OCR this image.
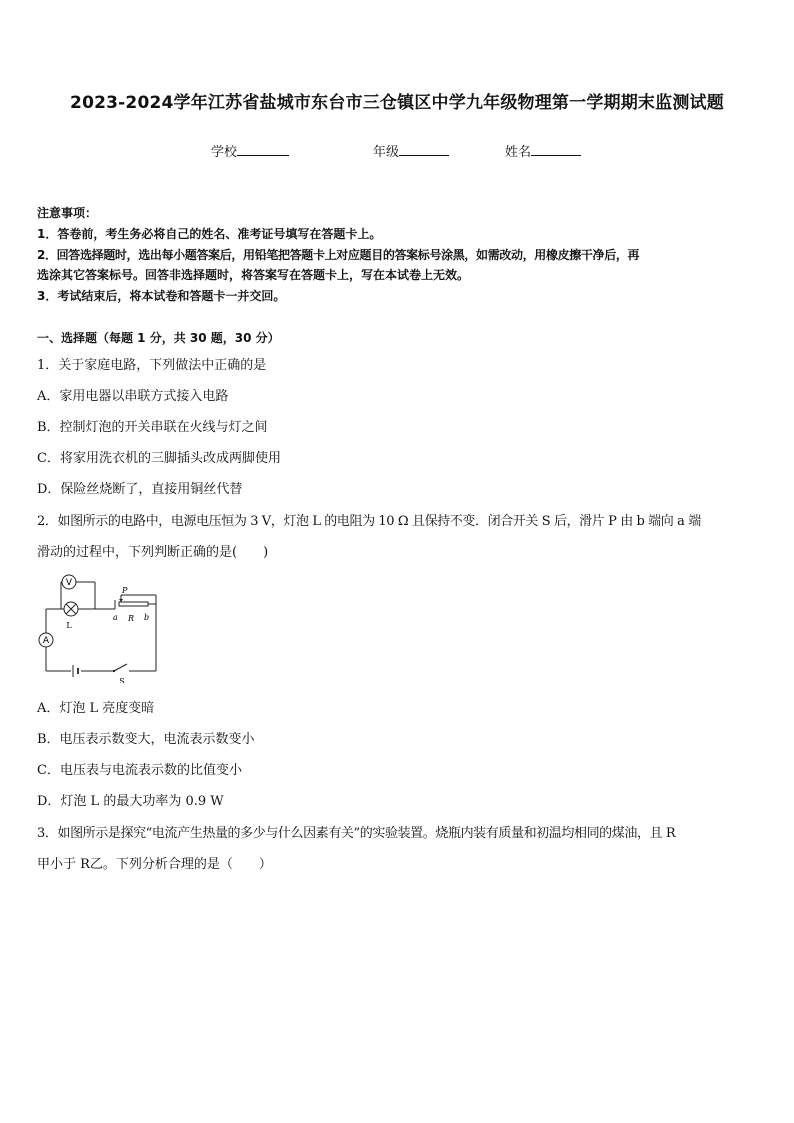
2023-2024学年江苏省盐城市东台市三仓镇区中学九年级物理第一学期期末监测试题
学校	年级	姓名
注意事项：
1．答卷前，考生务必将自己的姓名、准考证号填写在答题卡上。
2．回答选择题时，选出每小题答案后，用铅笔把答题卡上对应题目的答案标号涂黑，如需改动，用橡皮擦干净后，再
选涂其它答案标号。回答非选择题时，将答案写在答题卡上，写在本试卷上无效。
3．考试结束后，将本试卷和答题卡一并交回。
一、选择题（每题 1 分，共 30 题，30 分）
1．关于家庭电路，下列做法中正确的是
A．家用电器以串联方式接入电路
B．控制灯泡的开关串联在火线与灯之间
C．将家用洗衣机的三脚插头改成两脚使用
D．保险丝烧断了，直接用铜丝代替
2．如图所示的电路中，电源电压恒为 3 V，灯泡 L 的电阻为 10 Ω 且保持不变．闭合开关 S 后，滑片 P 由 b 端向 a 端
滑动的过程中，下列判断正确的是(　　)
V
L
A
P
a R b
S
A．灯泡 L 亮度变暗
B．电压表示数变大，电流表示数变小
C．电压表与电流表示数的比值变小
D．灯泡 L 的最大功率为 0.9 W
3．如图所示是探究“电流产生热量的多少与什么因素有关”的实验装置。烧瓶内装有质量和初温均相同的煤油，且 R
甲小于 R乙。下列分析合理的是（　　）
